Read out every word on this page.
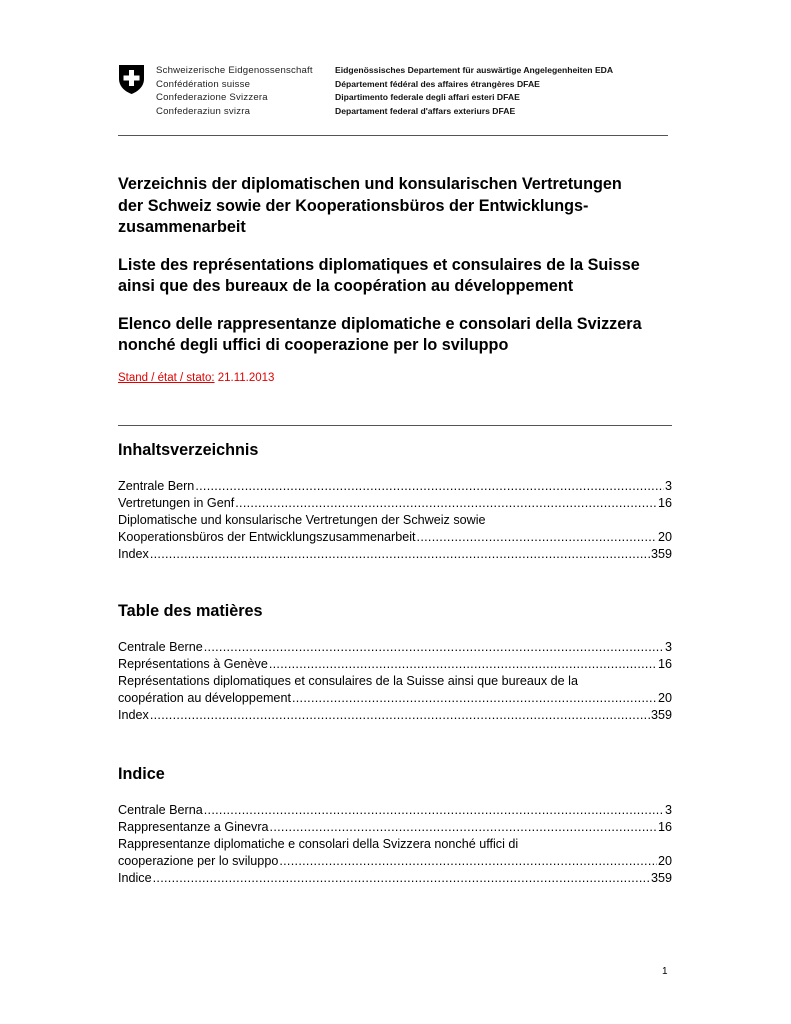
Schweizerische Eidgenossenschaft
Confédération suisse
Confederazione Svizzera
Confederaziun svizra
Eidgenössisches Departement für auswärtige Angelegenheiten EDA
Département fédéral des affaires étrangères DFAE
Dipartimento federale degli affari esteri DFAE
Departament federal d'affars exteriurs DFAE
Verzeichnis der diplomatischen und konsularischen Vertretungen
der Schweiz sowie der Kooperationsbüros der Entwicklungs-
zusammenarbeit
Liste des représentations diplomatiques et consulaires de la Suisse
ainsi que des bureaux de la coopération au développement
Elenco delle rappresentanze diplomatiche e consolari della Svizzera
nonché degli uffici di cooperazione per lo sviluppo
Stand / état / stato: 21.11.2013
Inhaltsverzeichnis
Zentrale Bern .....	3
Vertretungen in Genf .....	16
Diplomatische und konsularische Vertretungen der Schweiz sowie
Kooperationsbüros der Entwicklungszusammenarbeit .....	20
Index .....	359
Table des matières
Centrale Berne .....	3
Représentations à Genève .....	16
Représentations diplomatiques et consulaires de la Suisse ainsi que bureaux de la
coopération au développement .....	20
Index .....	359
Indice
Centrale Berna .....	3
Rappresentanze a Ginevra .....	16
Rappresentanze diplomatiche e consolari della Svizzera nonché uffici di
cooperazione per lo sviluppo .....	20
Indice .....	359
1
